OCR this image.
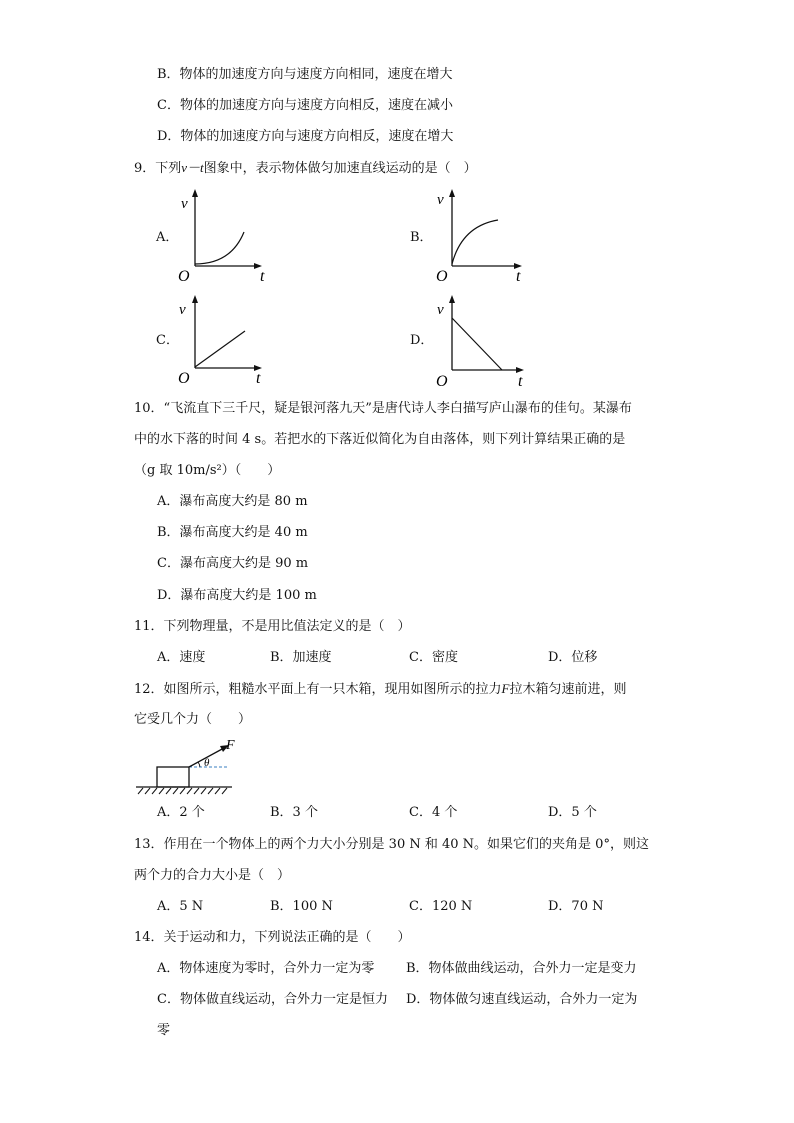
B．物体的加速度方向与速度方向相同，速度在增大
C．物体的加速度方向与速度方向相反，速度在减小
D．物体的加速度方向与速度方向相反，速度在增大
9．下列v－t图象中，表示物体做匀加速直线运动的是（　）
A．	B．
C．	D．
v
t
O
v
t
O
v
t
O
v
t
O
10．“飞流直下三千尺，疑是银河落九天”是唐代诗人李白描写庐山瀑布的佳句。某瀑布
中的水下落的时间 4 s。若把水的下落近似简化为自由落体，则下列计算结果正确的是
（g 取 10m/s²）（　　）
A．瀑布高度大约是 80 m
B．瀑布高度大约是 40 m
C．瀑布高度大约是 90 m
D．瀑布高度大约是 100 m
11．下列物理量，不是用比值法定义的是（　）
A．速度	B．加速度	C．密度	D．位移
12．如图所示，粗糙水平面上有一只木箱，现用如图所示的拉力F拉木箱匀速前进，则
它受几个力（　　）
F
θ
A．2 个	B．3 个	C．4 个	D．5 个
13．作用在一个物体上的两个力大小分别是 30 N 和 40 N。如果它们的夹角是 0°，则这
两个力的合力大小是（　）
A．5 N	B．100 N	C．120 N	D．70 N
14．关于运动和力，下列说法正确的是（　　）
A．物体速度为零时，合外力一定为零 B．物体做曲线运动，合外力一定是变力
C．物体做直线运动，合外力一定是恒力 D．物体做匀速直线运动，合外力一定为
零
